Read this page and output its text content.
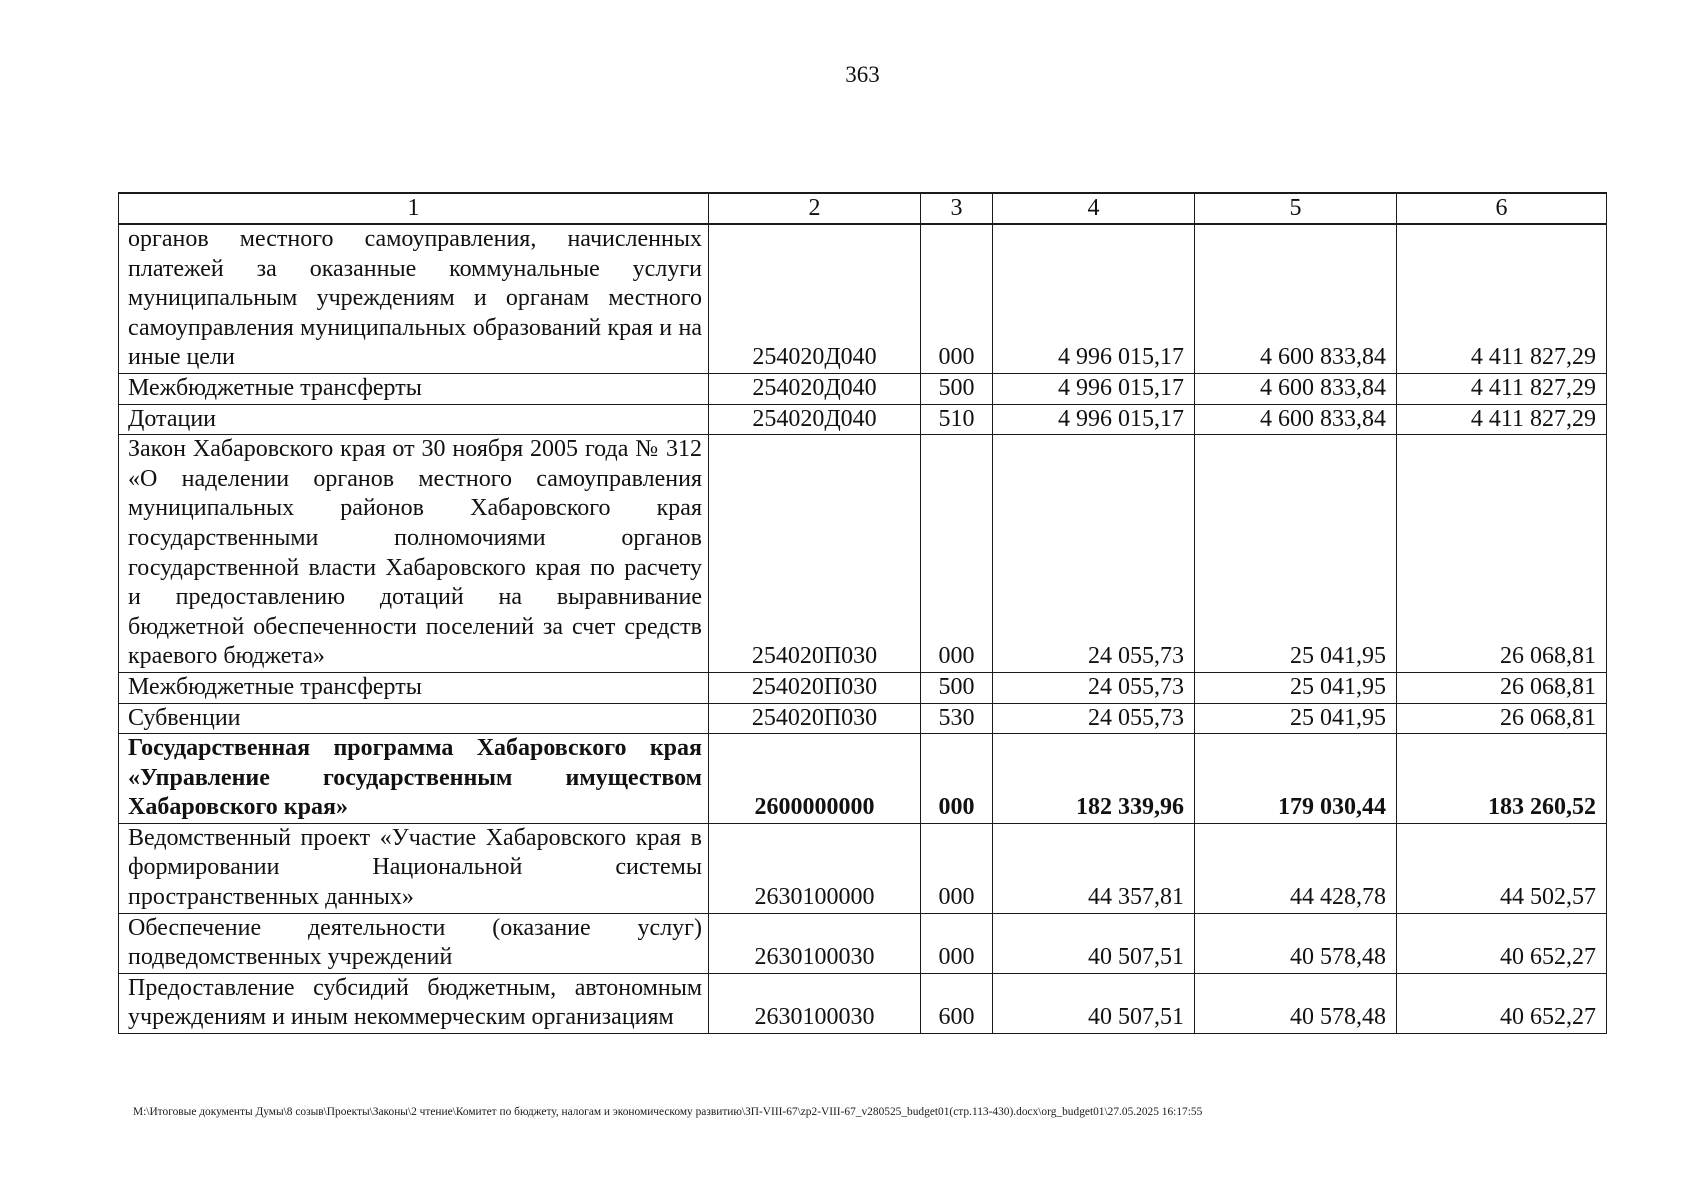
363
1	2	3	4	5	6
органов местного самоуправления, начисленных платежей за оказанные коммунальные услуги муниципальным учреждениям и органам местного самоуправления муниципальных образований края и на иные цели	254020Д040	000	4 996 015,17	4 600 833,84	4 411 827,29
Межбюджетные трансферты	254020Д040	500	4 996 015,17	4 600 833,84	4 411 827,29
Дотации	254020Д040	510	4 996 015,17	4 600 833,84	4 411 827,29
Закон Хабаровского края от 30 ноября 2005 года № 312 «О наделении органов местного самоуправления муниципальных районов Хабаровского края государственными полномочиями органов государственной власти Хабаровского края по расчету и предоставлению дотаций на выравнивание бюджетной обеспеченности поселений за счет средств краевого бюджета»	254020П030	000	24 055,73	25 041,95	26 068,81
Межбюджетные трансферты	254020П030	500	24 055,73	25 041,95	26 068,81
Субвенции	254020П030	530	24 055,73	25 041,95	26 068,81
Государственная программа Хабаровского края «Управление государственным имуществом Хабаровского края»	2600000000	000	182 339,96	179 030,44	183 260,52
Ведомственный проект «Участие Хабаровского края в формировании Национальной системы пространственных данных»	2630100000	000	44 357,81	44 428,78	44 502,57
Обеспечение деятельности (оказание услуг) подведомственных учреждений	2630100030	000	40 507,51	40 578,48	40 652,27
Предоставление субсидий бюджетным, автономным учреждениям и иным некоммерческим организациям	2630100030	600	40 507,51	40 578,48	40 652,27
M:\Итоговые документы Думы\8 созыв\Проекты\Законы\2 чтение\Комитет по бюджету, налогам и экономическому развитию\ЗП-VIII-67\zp2-VIII-67_v280525_budget01(стр.113-430).docx\org_budget01\27.05.2025 16:17:55
